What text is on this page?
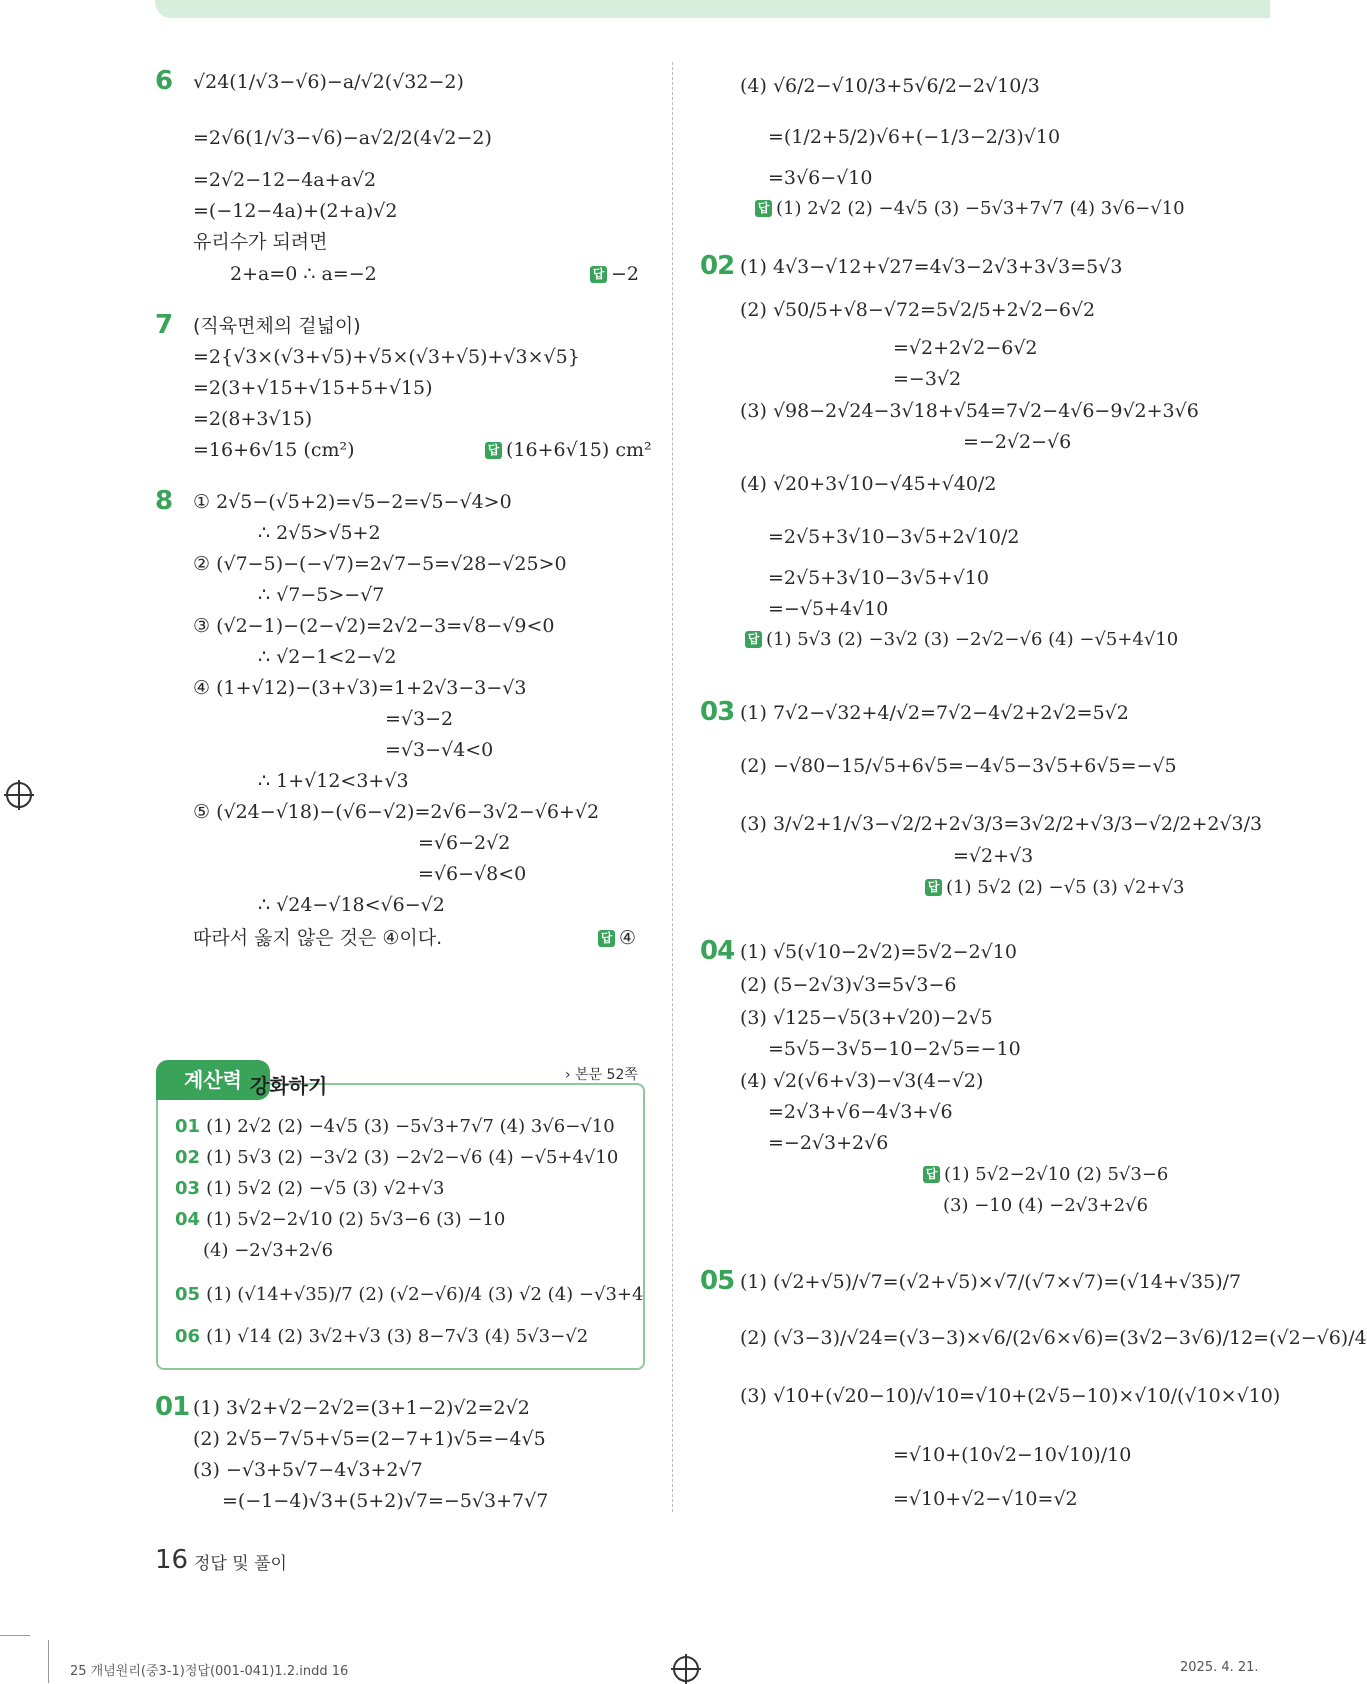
6 √24(1/√3−√6)−a/√2(√32−2)
=2√6(1/√3−√6)−a√2/2(4√2−2)
=2√2−12−4a+a√2
=(−12−4a)+(2+a)√2
유리수가 되려면
2+a=0 ∴ a=−2	답 −2
7 (직육면체의 겉넓이)
=2{√3×(√3+√5)+√5×(√3+√5)+√3×√5}
=2(3+√15+√15+5+√15)
=2(8+3√15)
=16+6√15 (cm²)	답 (16+6√15) cm²
8 ① 2√5−(√5+2)=√5−2=√5−√4>0
∴ 2√5>√5+2
② (√7−5)−(−√7)=2√7−5=√28−√25>0
∴ √7−5>−√7
③ (√2−1)−(2−√2)=2√2−3=√8−√9<0
∴ √2−1<2−√2
④ (1+√12)−(3+√3)=1+2√3−3−√3
=√3−2
=√3−√4<0
∴ 1+√12<3+√3
⑤ (√24−√18)−(√6−√2)=2√6−3√2−√6+√2
=√6−2√2
=√6−√8<0
∴ √24−√18<√6−√2
따라서 옳지 않은 것은 ④이다.	답 ④
계산력 강화하기	› 본문 52쪽
01 (1) 2√2 (2) −4√5 (3) −5√3+7√7 (4) 3√6−√10
02 (1) 5√3 (2) −3√2 (3) −2√2−√6 (4) −√5+4√10
03 (1) 5√2 (2) −√5 (3) √2+√3
04 (1) 5√2−2√10 (2) 5√3−6 (3) −10
(4) −2√3+2√6
05 (1) (√14+√35)/7 (2) (√2−√6)/4 (3) √2 (4) −√3+4
06 (1) √14 (2) 3√2+√3 (3) 8−7√3 (4) 5√3−√2
01 (1) 3√2+√2−2√2=(3+1−2)√2=2√2
(2) 2√5−7√5+√5=(2−7+1)√5=−4√5
(3) −√3+5√7−4√3+2√7
=(−1−4)√3+(5+2)√7=−5√3+7√7
(4) √6/2−√10/3+5√6/2−2√10/3
=(1/2+5/2)√6+(−1/3−2/3)√10
=3√6−√10
답 (1) 2√2 (2) −4√5 (3) −5√3+7√7 (4) 3√6−√10
02 (1) 4√3−√12+√27=4√3−2√3+3√3=5√3
(2) √50/5+√8−√72=5√2/5+2√2−6√2
=√2+2√2−6√2
=−3√2
(3) √98−2√24−3√18+√54=7√2−4√6−9√2+3√6
=−2√2−√6
(4) √20+3√10−√45+√40/2
=2√5+3√10−3√5+2√10/2
=2√5+3√10−3√5+√10
=−√5+4√10
답 (1) 5√3 (2) −3√2 (3) −2√2−√6 (4) −√5+4√10
03 (1) 7√2−√32+4/√2=7√2−4√2+2√2=5√2
(2) −√80−15/√5+6√5=−4√5−3√5+6√5=−√5
(3) 3/√2+1/√3−√2/2+2√3/3=3√2/2+√3/3−√2/2+2√3/3
=√2+√3
답 (1) 5√2 (2) −√5 (3) √2+√3
04 (1) √5(√10−2√2)=5√2−2√10
(2) (5−2√3)√3=5√3−6
(3) √125−√5(3+√20)−2√5
=5√5−3√5−10−2√5=−10
(4) √2(√6+√3)−√3(4−√2)
=2√3+√6−4√3+√6
=−2√3+2√6
답 (1) 5√2−2√10 (2) 5√3−6
(3) −10 (4) −2√3+2√6
05 (1) (√2+√5)/√7=(√2+√5)×√7/(√7×√7)=(√14+√35)/7
(2) (√3−3)/√24=(√3−3)×√6/(2√6×√6)=(3√2−3√6)/12=(√2−√6)/4
(3) √10+(√20−10)/√10=√10+(2√5−10)×√10/(√10×√10)
=√10+(10√2−10√10)/10
=√10+√2−√10=√2
16 정답 및 풀이
25 개념원리(중3-1)정답(001-041)1.2.indd 16	2025. 4. 21.
